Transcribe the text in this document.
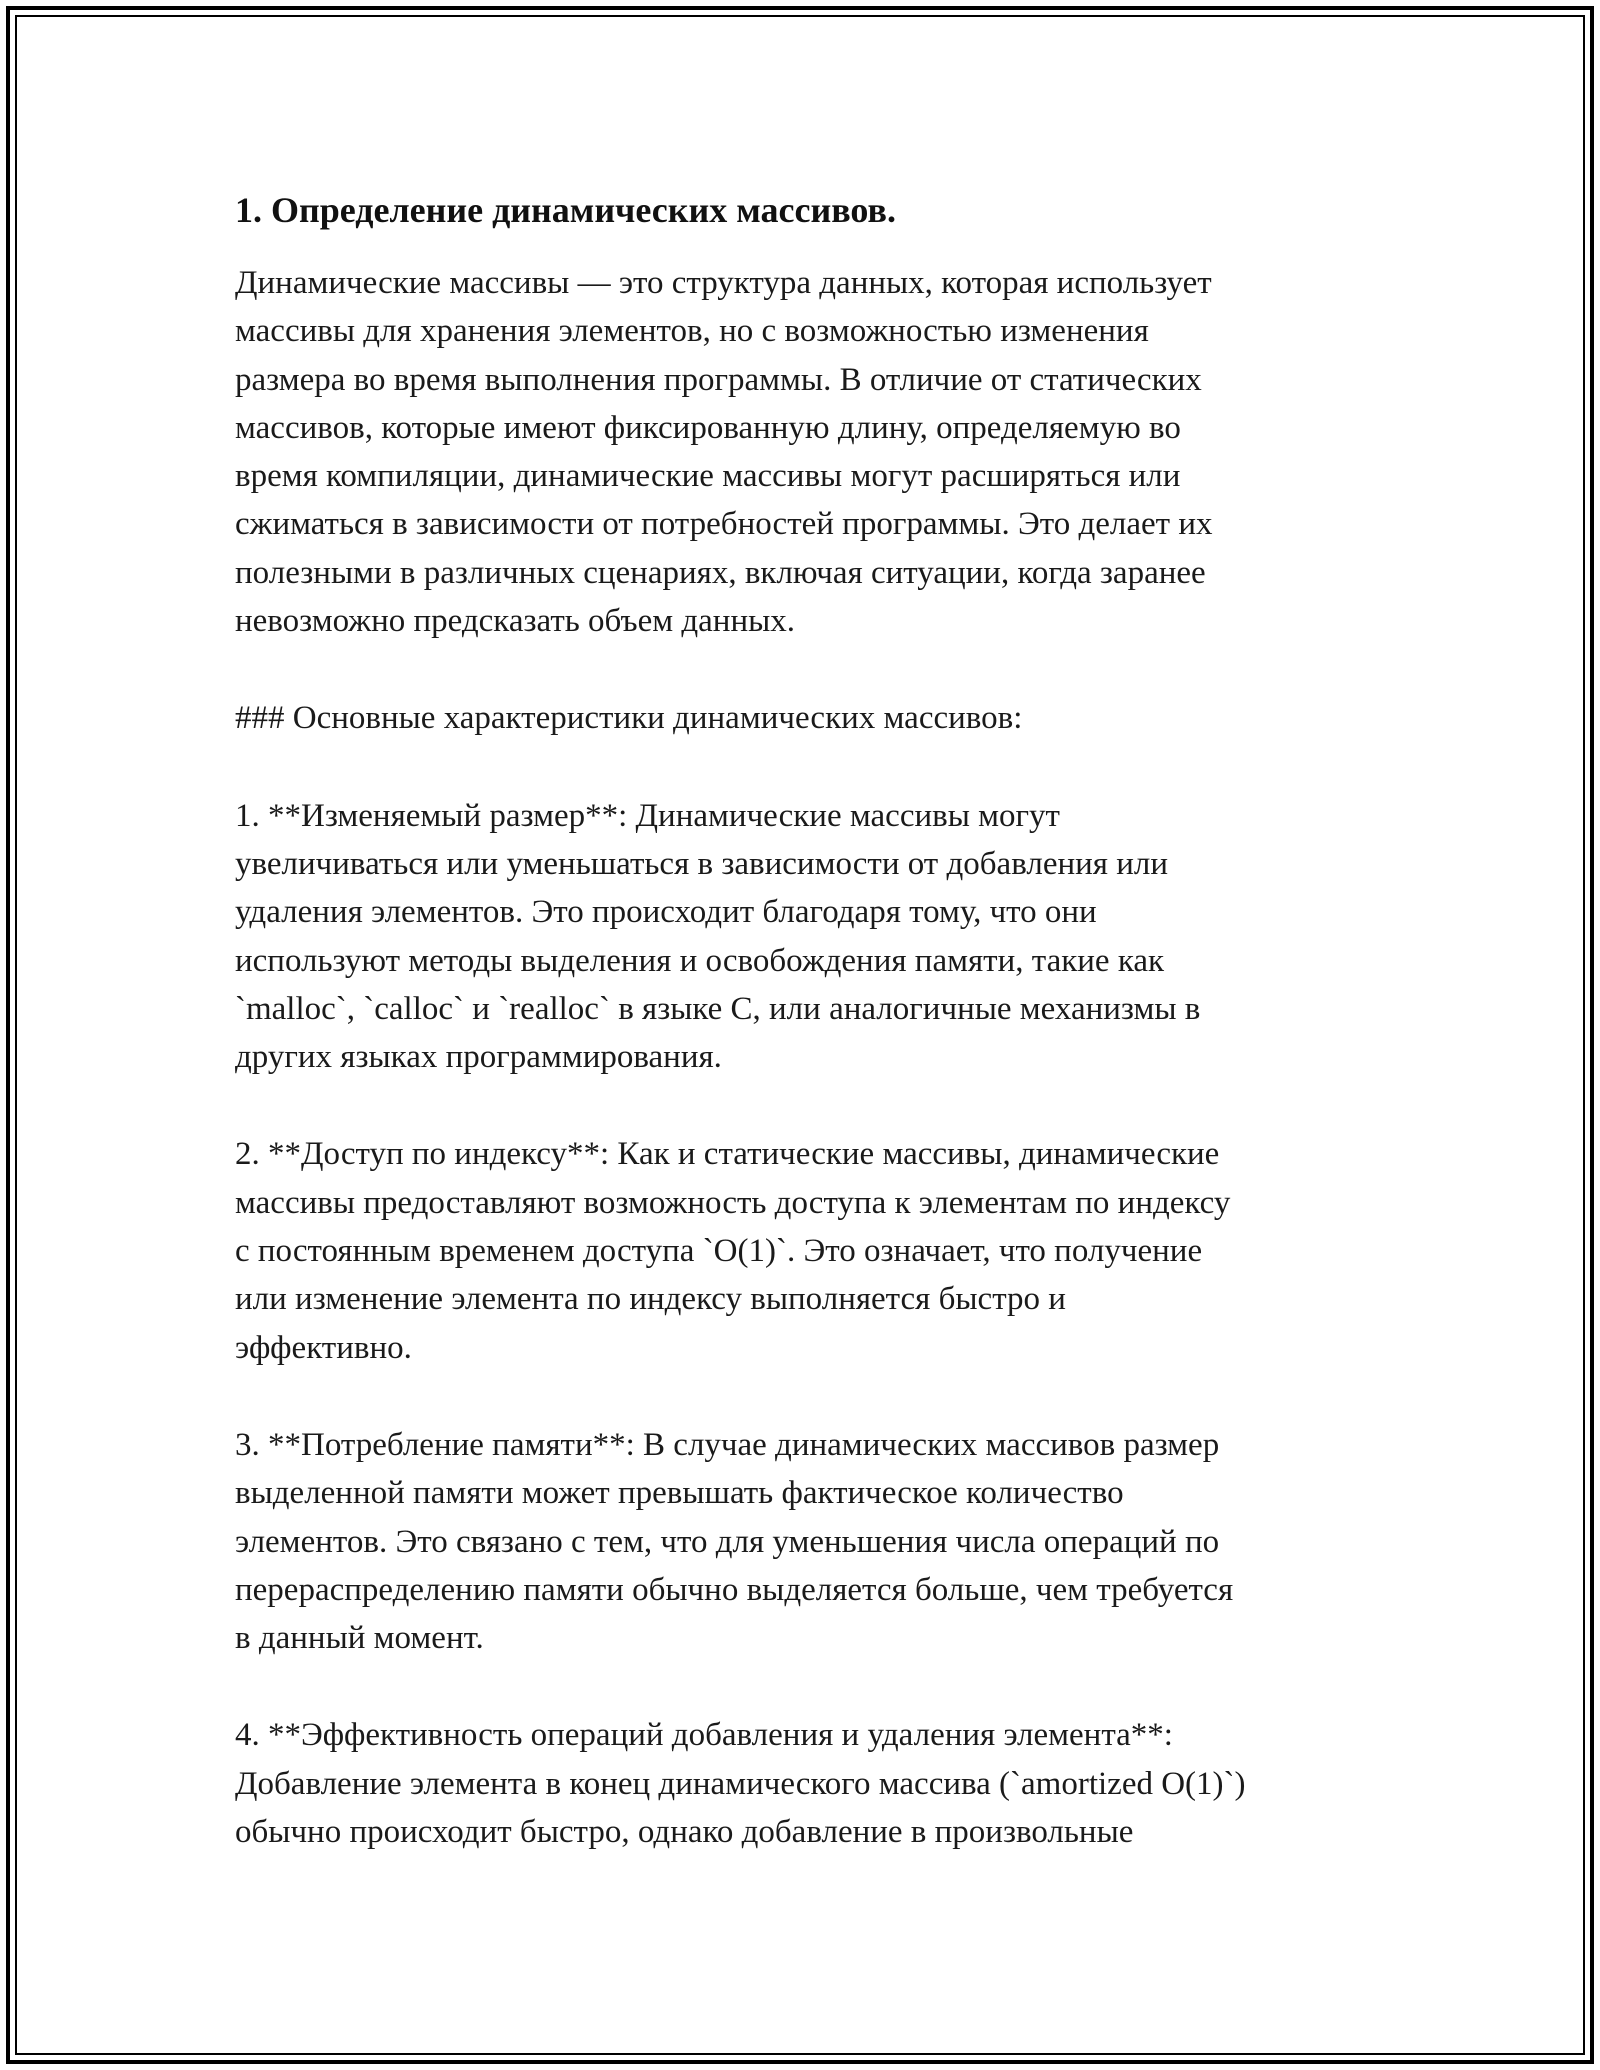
1. Определение динамических массивов.
Динамические массивы — это структура данных, которая использует
массивы для хранения элементов, но с возможностью изменения
размера во время выполнения программы. В отличие от статических
массивов, которые имеют фиксированную длину, определяемую во
время компиляции, динамические массивы могут расширяться или
сжиматься в зависимости от потребностей программы. Это делает их
полезными в различных сценариях, включая ситуации, когда заранее
невозможно предсказать объем данных.
### Основные характеристики динамических массивов:
1. **Изменяемый размер**: Динамические массивы могут
увеличиваться или уменьшаться в зависимости от добавления или
удаления элементов. Это происходит благодаря тому, что они
используют методы выделения и освобождения памяти, такие как
`malloc`, `calloc` и `realloc` в языке C, или аналогичные механизмы в
других языках программирования.
2. **Доступ по индексу**: Как и статические массивы, динамические
массивы предоставляют возможность доступа к элементам по индексу
с постоянным временем доступа `O(1)`. Это означает, что получение
или изменение элемента по индексу выполняется быстро и
эффективно.
3. **Потребление памяти**: В случае динамических массивов размер
выделенной памяти может превышать фактическое количество
элементов. Это связано с тем, что для уменьшения числа операций по
перераспределению памяти обычно выделяется больше, чем требуется
в данный момент.
4. **Эффективность операций добавления и удаления элемента**:
Добавление элемента в конец динамического массива (`amortized O(1)`)
обычно происходит быстро, однако добавление в произвольные
